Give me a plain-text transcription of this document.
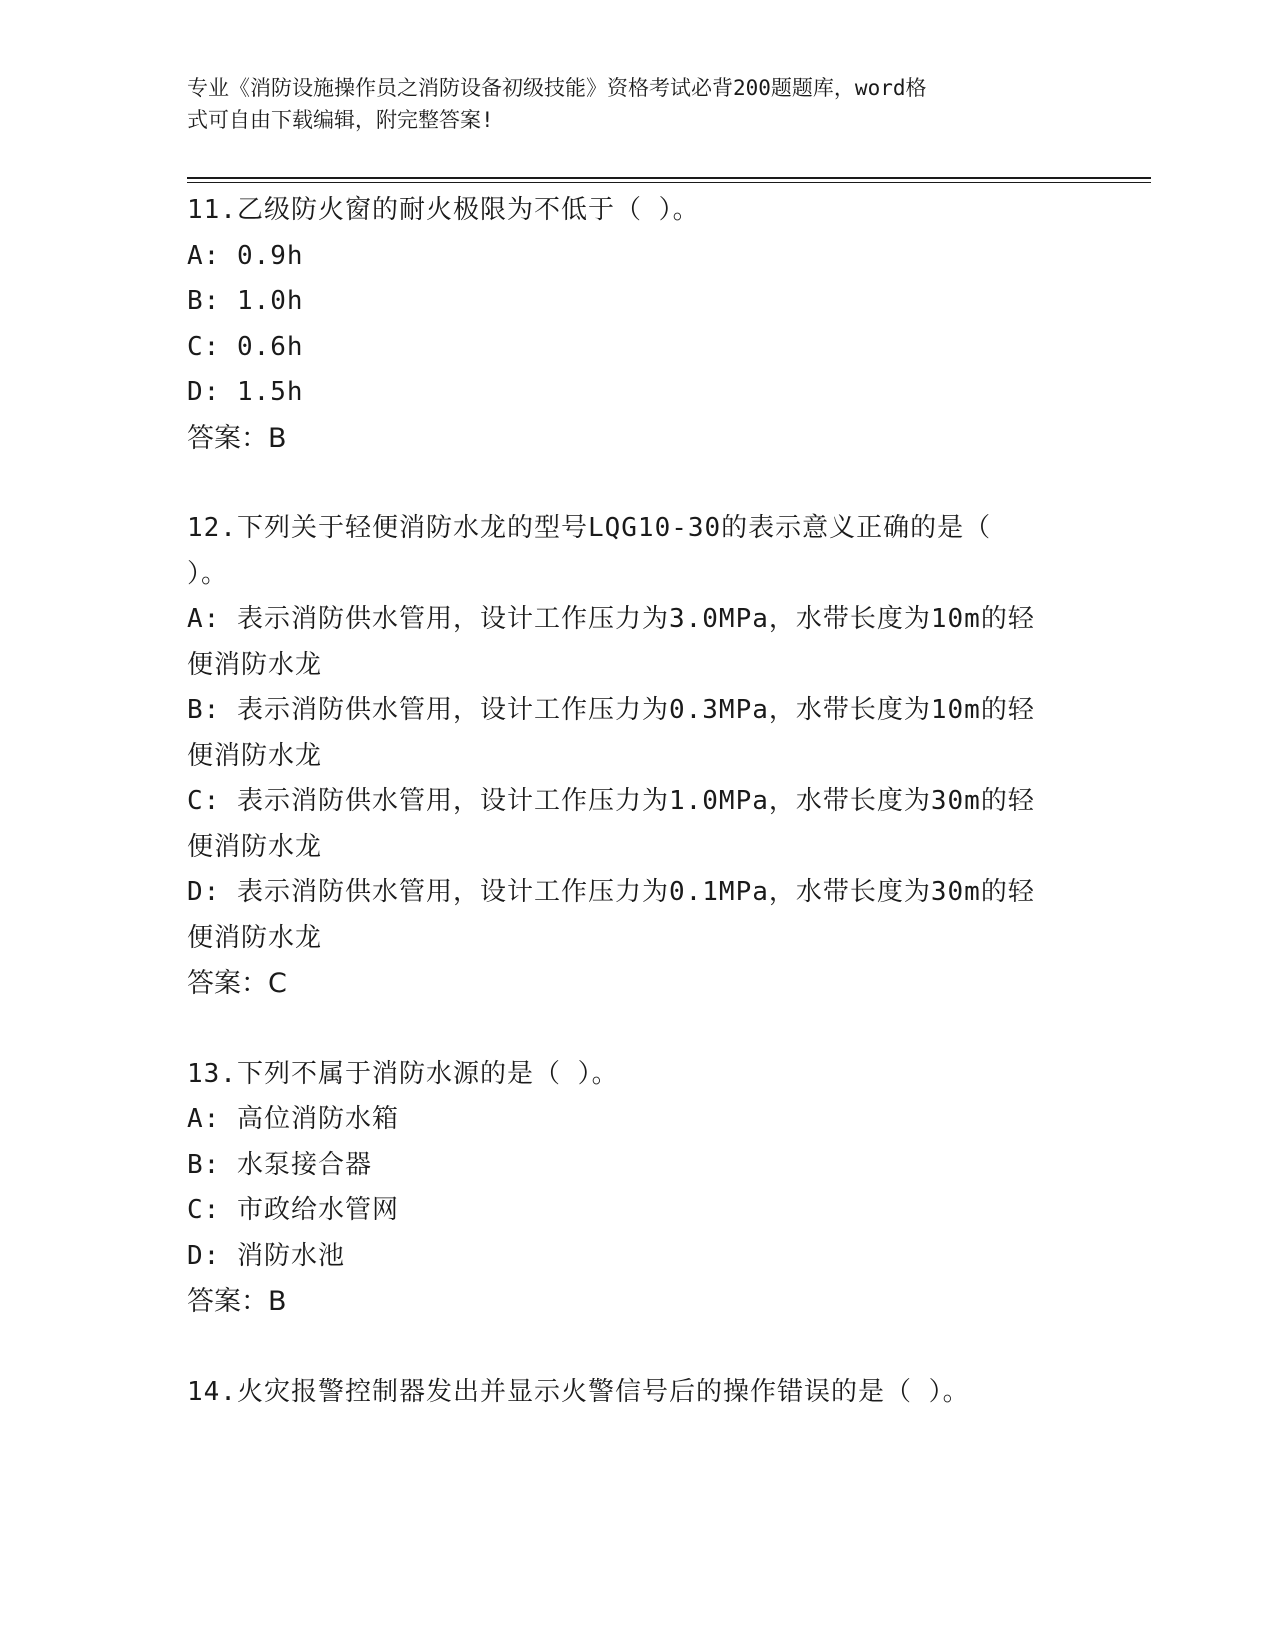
专业《消防设施操作员之消防设备初级技能》资格考试必背200题题库，word格
式可自由下载编辑，附完整答案!

11.乙级防火窗的耐火极限为不低于（ ）。

A: 0.9h

B: 1.0h

C: 0.6h

D: 1.5h

答案：B

12.下列关于轻便消防水龙的型号LQG10-30的表示意义正确的是（

）。

A: 表示消防供水管用，设计工作压力为3.0MPa，水带长度为10m的轻

便消防水龙

B: 表示消防供水管用，设计工作压力为0.3MPa，水带长度为10m的轻

便消防水龙

C: 表示消防供水管用，设计工作压力为1.0MPa，水带长度为30m的轻

便消防水龙

D: 表示消防供水管用，设计工作压力为0.1MPa，水带长度为30m的轻

便消防水龙

答案：C

13.下列不属于消防水源的是（ ）。

A: 高位消防水箱

B: 水泵接合器

C: 市政给水管网

D: 消防水池

答案：B

14.火灾报警控制器发出并显示火警信号后的操作错误的是（ ）。
